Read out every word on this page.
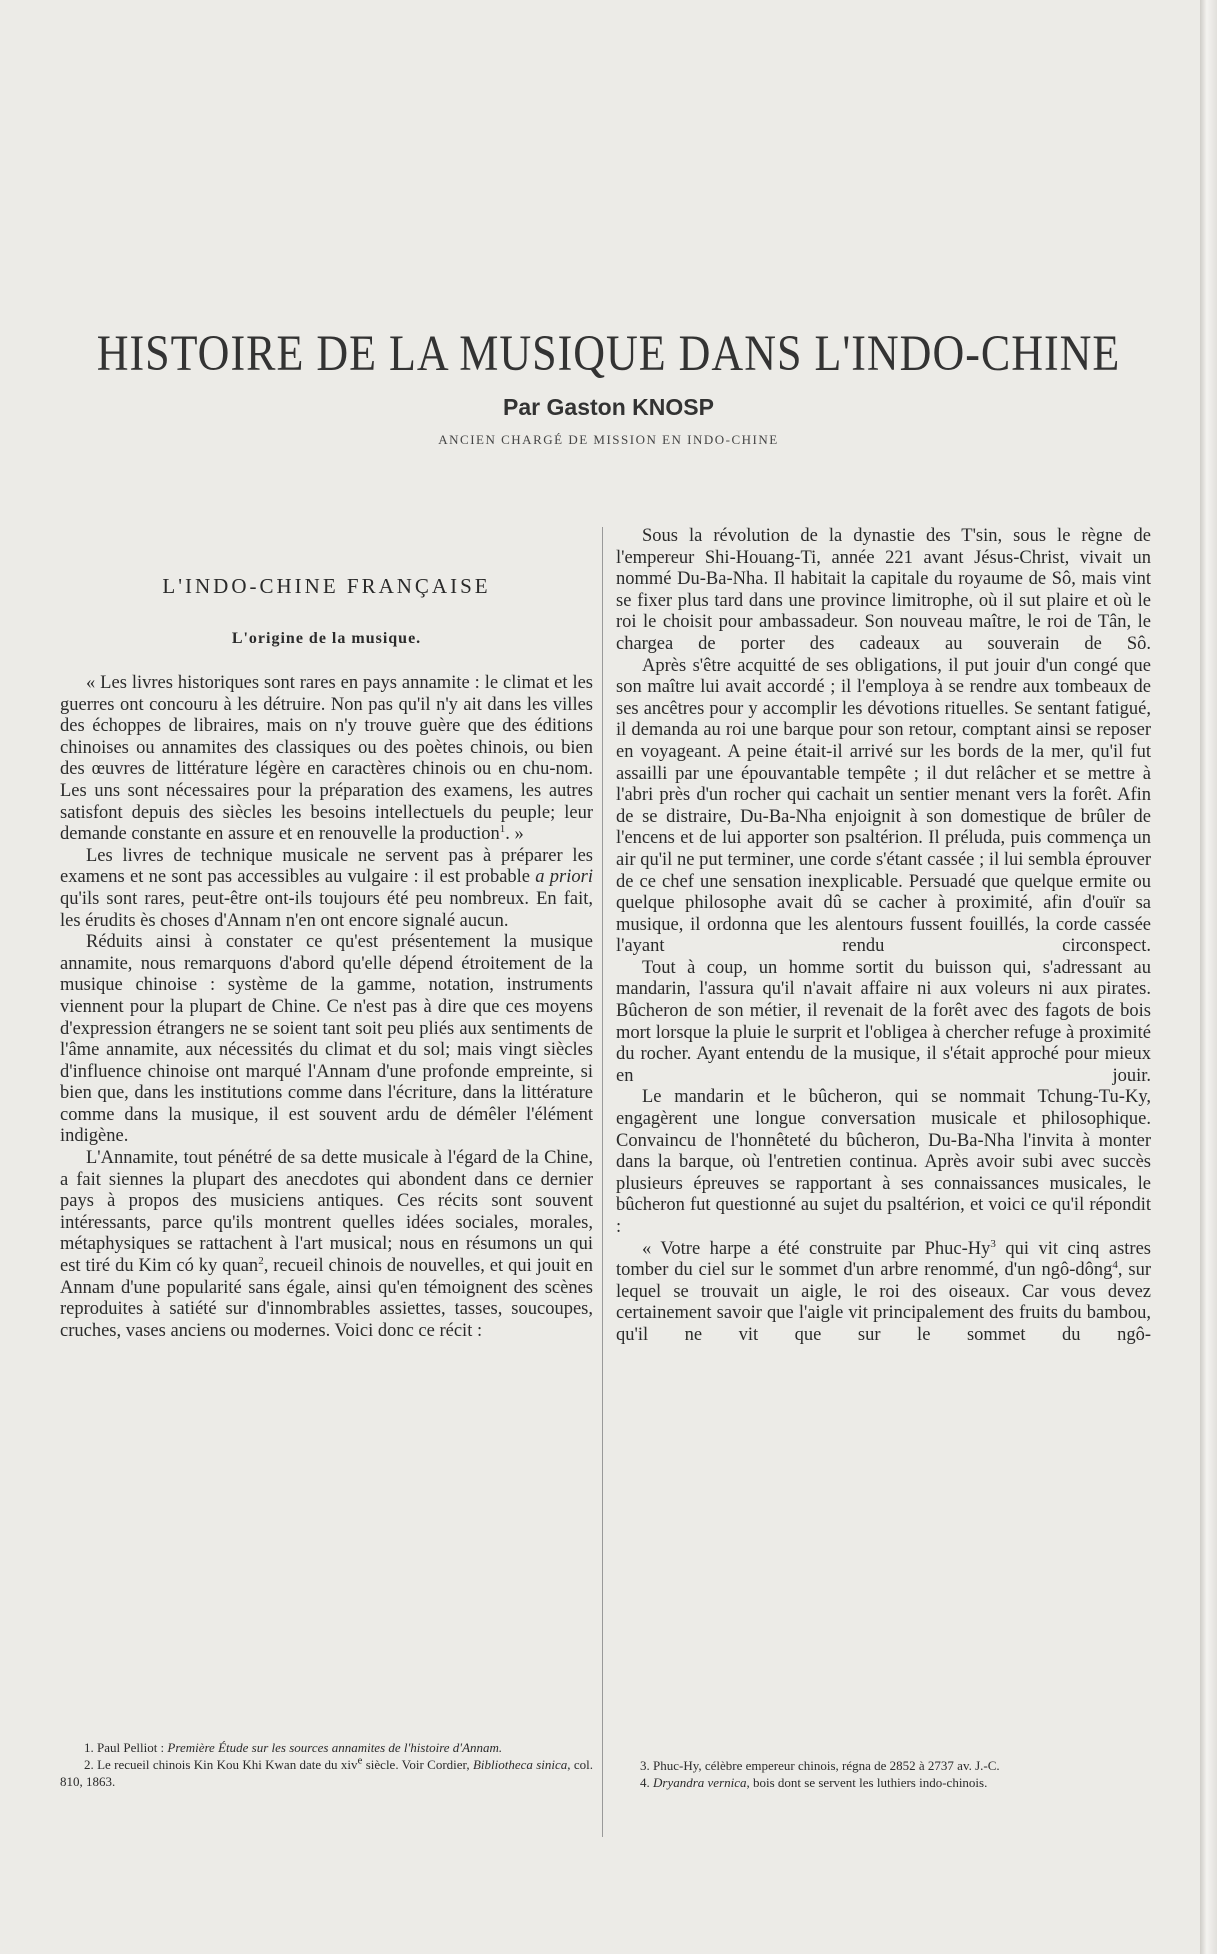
HISTOIRE DE LA MUSIQUE DANS L'INDO-CHINE
Par Gaston KNOSP
ANCIEN CHARGÉ DE MISSION EN INDO-CHINE
L'INDO-CHINE FRANÇAISE
L'origine de la musique.

« Les livres historiques sont rares en pays annamite : le climat et les guerres ont concouru à les détruire. Non pas qu'il n'y ait dans les villes des échoppes de libraires, mais on n'y trouve guère que des éditions chinoises ou annamites des classiques ou des poètes chinois, ou bien des œuvres de littérature légère en caractères chinois ou en chu-nom. Les uns sont nécessaires pour la préparation des examens, les autres satisfont depuis des siècles les besoins intellectuels du peuple; leur demande constante en assure et en renouvelle la production$^1$. »

Les livres de technique musicale ne servent pas à préparer les examens et ne sont pas accessibles au vulgaire : il est probable a priori qu'ils sont rares, peut-être ont-ils toujours été peu nombreux. En fait, les érudits ès choses d'Annam n'en ont encore signalé aucun.

Réduits ainsi à constater ce qu'est présentement la musique annamite, nous remarquons d'abord qu'elle dépend étroitement de la musique chinoise : système de la gamme, notation, instruments viennent pour la plupart de Chine. Ce n'est pas à dire que ces moyens d'expression étrangers ne se soient tant soit peu pliés aux sentiments de l'âme annamite, aux nécessités du climat et du sol; mais vingt siècles d'influence chinoise ont marqué l'Annam d'une profonde empreinte, si bien que, dans les institutions comme dans l'écriture, dans la littérature comme dans la musique, il est souvent ardu de démêler l'élément indigène.

L'Annamite, tout pénétré de sa dette musicale à l'égard de la Chine, a fait siennes la plupart des anecdotes qui abondent dans ce dernier pays à propos des musiciens antiques. Ces récits sont souvent intéressants, parce qu'ils montrent quelles idées sociales, morales, métaphysiques se rattachent à l'art musical; nous en résumons un qui est tiré du Kim có ky quan$^2$, recueil chinois de nouvelles, et qui jouit en Annam d'une popularité sans égale, ainsi qu'en témoignent des scènes reproduites à satiété sur d'innombrables assiettes, tasses, soucoupes, cruches, vases anciens ou modernes. Voici donc ce récit :

Sous la révolution de la dynastie des T'sin, sous le règne de l'empereur Shi-Houang-Ti, année 221 avant Jésus-Christ, vivait un nommé Du-Ba-Nha. Il habitait la capitale du royaume de Sô, mais vint se fixer plus tard dans une province limitrophe, où il sut plaire et où le roi le choisit pour ambassadeur. Son nouveau maître, le roi de Tân, le chargea de porter des cadeaux au souverain de Sô.

Après s'être acquitté de ses obligations, il put jouir d'un congé que son maître lui avait accordé ; il l'employa à se rendre aux tombeaux de ses ancêtres pour y accomplir les dévotions rituelles. Se sentant fatigué, il demanda au roi une barque pour son retour, comptant ainsi se reposer en voyageant. A peine était-il arrivé sur les bords de la mer, qu'il fut assailli par une épouvantable tempête ; il dut relâcher et se mettre à l'abri près d'un rocher qui cachait un sentier menant vers la forêt. Afin de se distraire, Du-Ba-Nha enjoignit à son domestique de brûler de l'encens et de lui apporter son psaltérion. Il préluda, puis commença un air qu'il ne put terminer, une corde s'étant cassée ; il lui sembla éprouver de ce chef une sensation inexplicable. Persuadé que quelque ermite ou quelque philosophe avait dû se cacher à proximité, afin d'ouïr sa musique, il ordonna que les alentours fussent fouillés, la corde cassée l'ayant rendu circonspect.

Tout à coup, un homme sortit du buisson qui, s'adressant au mandarin, l'assura qu'il n'avait affaire ni aux voleurs ni aux pirates. Bûcheron de son métier, il revenait de la forêt avec des fagots de bois mort lorsque la pluie le surprit et l'obligea à chercher refuge à proximité du rocher. Ayant entendu de la musique, il s'était approché pour mieux en jouir.

Le mandarin et le bûcheron, qui se nommait Tchung-Tu-Ky, engagèrent une longue conversation musicale et philosophique. Convaincu de l'honnêteté du bûcheron, Du-Ba-Nha l'invita à monter dans la barque, où l'entretien continua. Après avoir subi avec succès plusieurs épreuves se rapportant à ses connaissances musicales, le bûcheron fut questionné au sujet du psaltérion, et voici ce qu'il répondit :

« Votre harpe a été construite par Phuc-Hy$^3$ qui vit cinq astres tomber du ciel sur le sommet d'un arbre renommé, d'un ngô-dông$^4$, sur lequel se trouvait un aigle, le roi des oiseaux. Car vous devez certainement savoir que l'aigle vit principalement des fruits du bambou, qu'il ne vit que sur le sommet du ngô-

1. Paul Pelliot : Première Étude sur les sources annamites de l'histoire d'Annam.

2. Le recueil chinois Kin Kou Khi Kwan date du xiv$^e$ siècle. Voir Cordier, Bibliotheca sinica, col. 810, 1863.

3. Phuc-Hy, célèbre empereur chinois, régna de 2852 à 2737 av. J.-C.

4. Dryandra vernica, bois dont se servent les luthiers indo-chinois.
